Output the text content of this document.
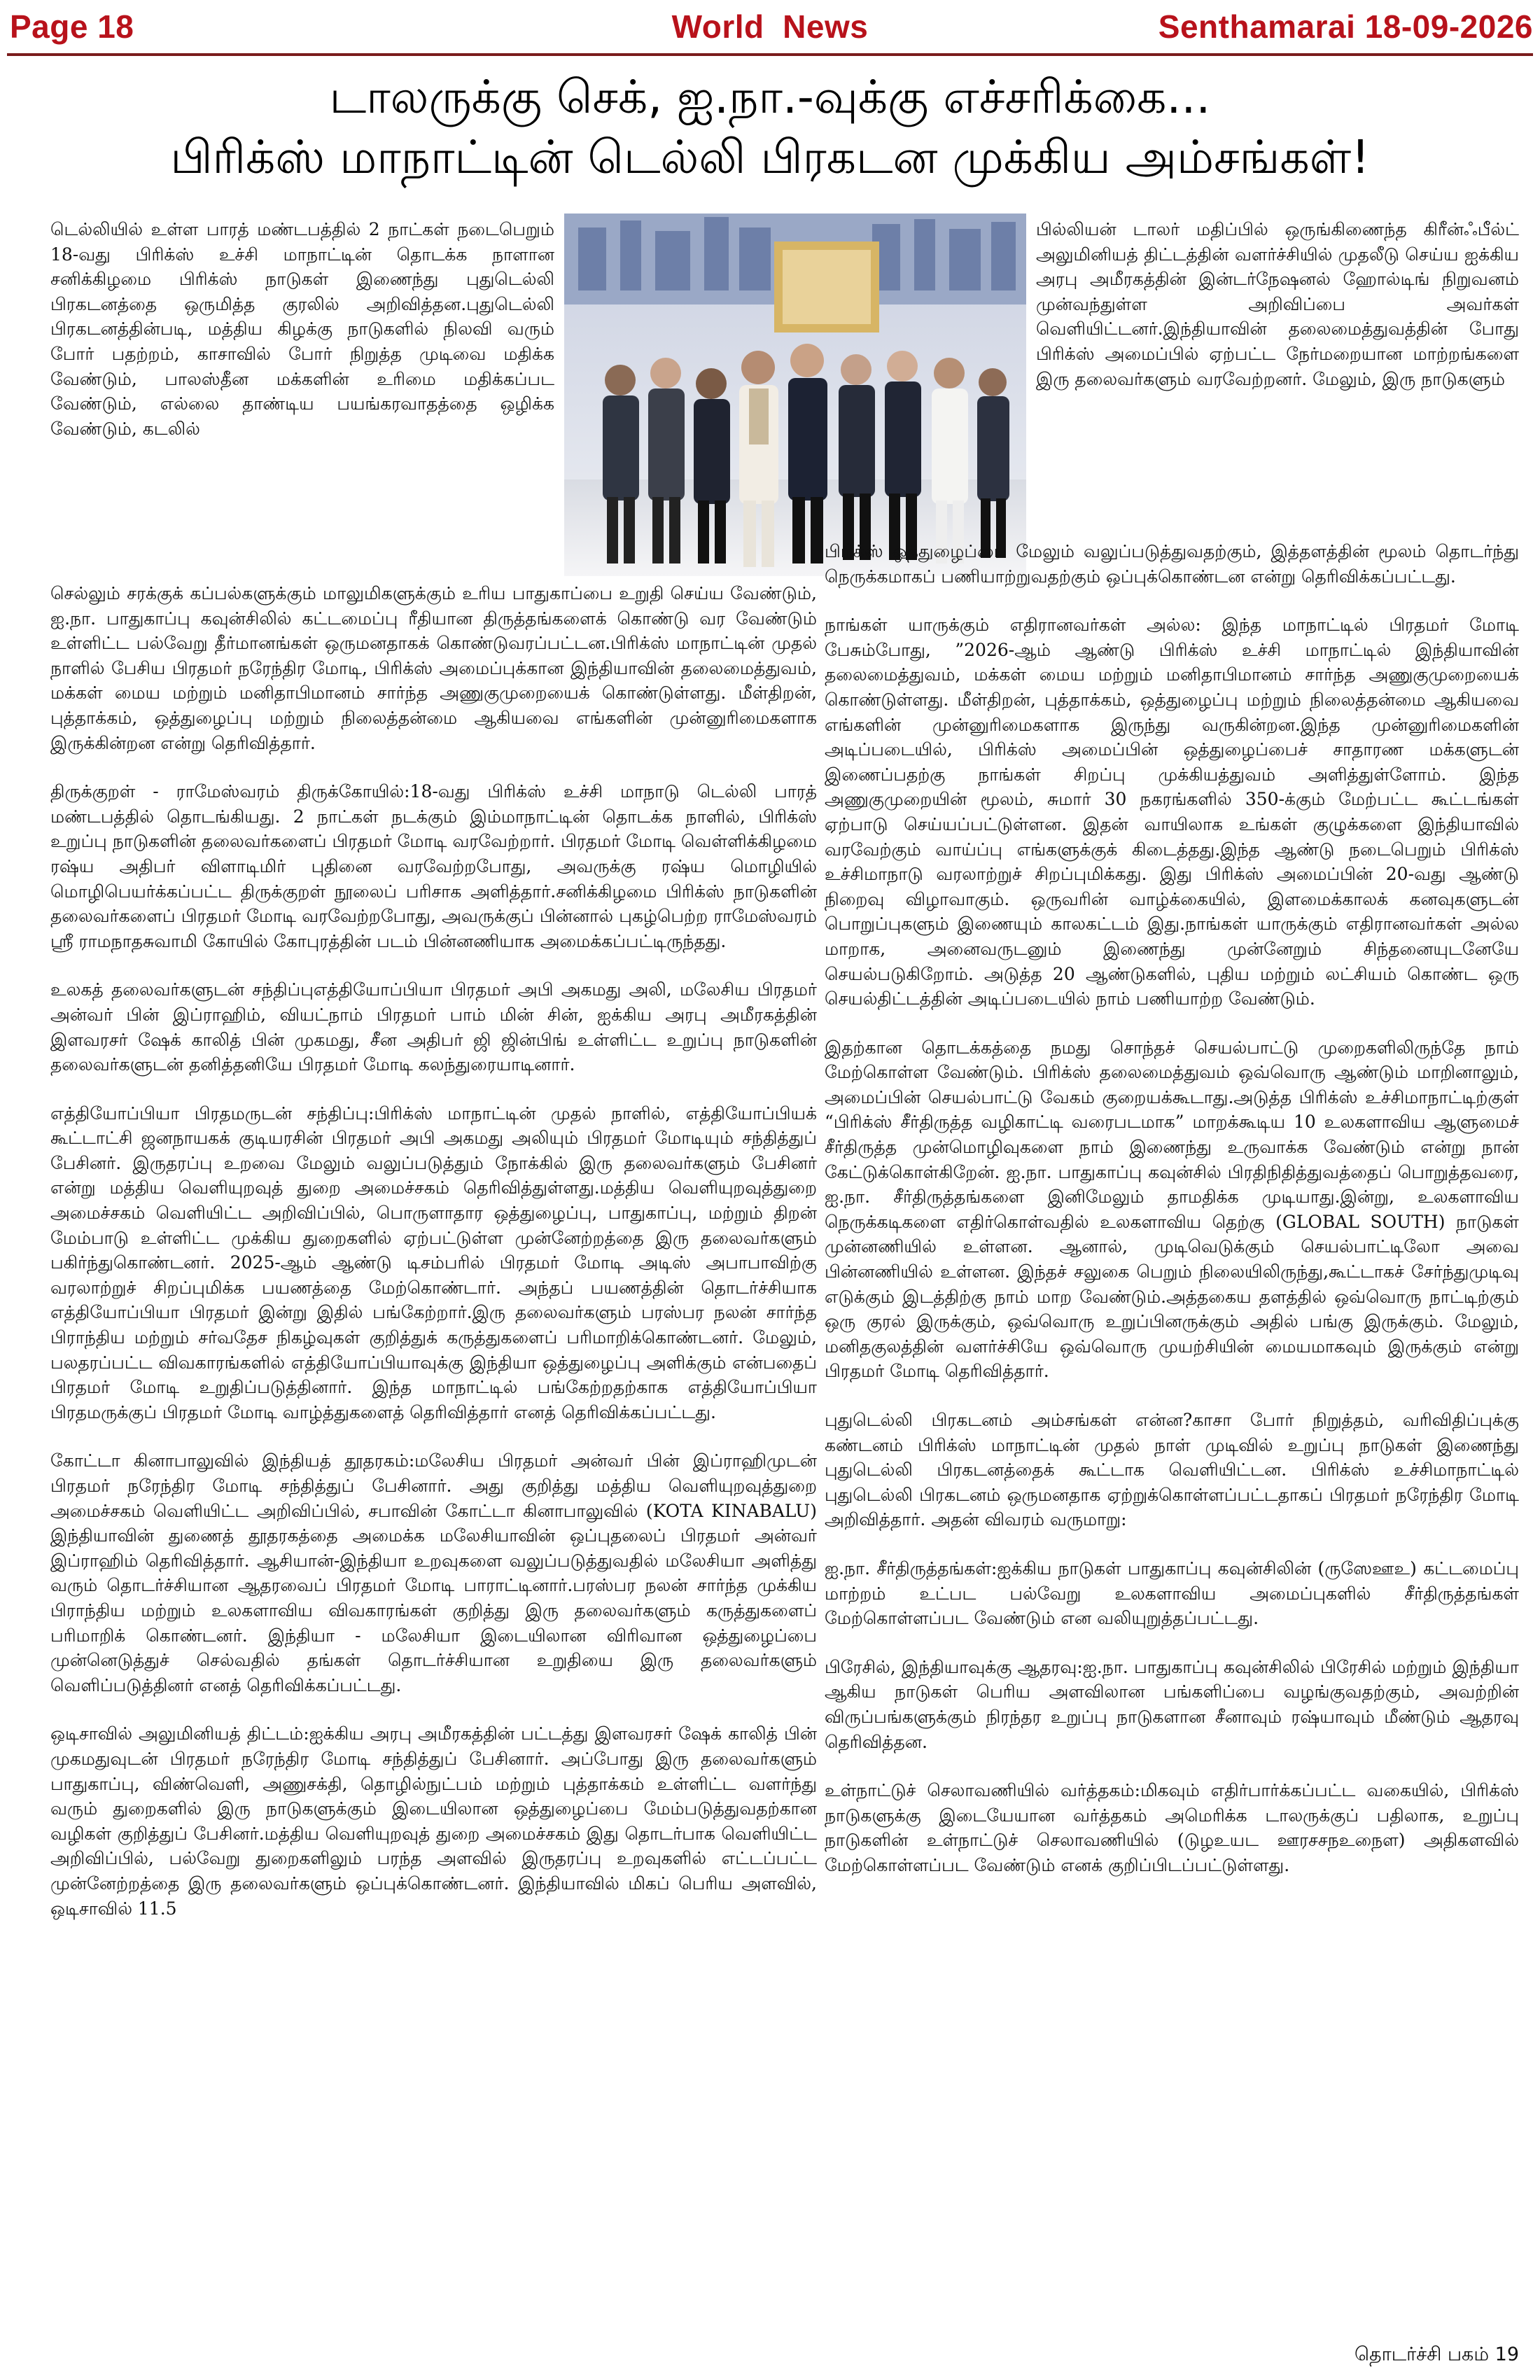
Page 18	World  News	Senthamarai 18-09-2026
டாலருக்கு செக், ஐ.நா.-வுக்கு எச்சரிக்கை...
பிரிக்ஸ் மாநாட்டின் டெல்லி பிரகடன முக்கிய அம்சங்கள்!

டெல்லியில் உள்ள பாரத் மண்டபத்தில் 2 நாட்கள் நடைபெறும் 18-வது பிரிக்ஸ் உச்சி மாநாட்டின் தொடக்க நாளான சனிக்கிழமை பிரிக்ஸ் நாடுகள் இணைந்து புதுடெல்லி பிரகடனத்தை ஒருமித்த குரலில் அறிவித்தன.புதுடெல்லி பிரகடனத்தின்படி, மத்திய கிழக்கு நாடுகளில் நிலவி வரும் போர் பதற்றம், காசாவில் போர் நிறுத்த முடிவை மதிக்க வேண்டும், பாலஸ்தீன மக்களின் உரிமை மதிக்கப்பட வேண்டும், எல்லை தாண்டிய பயங்கரவாதத்தை ஒழிக்க வேண்டும், கடலில்

பில்லியன் டாலர் மதிப்பில் ஒருங்கிணைந்த கிரீன்ஃபீல்ட் அலுமினியத் திட்டத்தின் வளர்ச்சியில் முதலீடு செய்ய ஐக்கிய அரபு அமீரகத்தின் இன்டர்நேஷனல் ஹோல்டிங் நிறுவனம் முன்வந்துள்ள அறிவிப்பை அவர்கள் வெளியிட்டனர்.இந்தியாவின் தலைமைத்துவத்தின் போது பிரிக்ஸ் அமைப்பில் ஏற்பட்ட நேர்மறையான மாற்றங்களை இரு தலைவர்களும் வரவேற்றனர். மேலும், இரு நாடுகளும்

செல்லும் சரக்குக் கப்பல்களுக்கும் மாலுமிகளுக்கும் உரிய பாதுகாப்பை உறுதி செய்ய வேண்டும், ஐ.நா. பாதுகாப்பு கவுன்சிலில் கட்டமைப்பு ரீதியான திருத்தங்களைக் கொண்டு வர வேண்டும் உள்ளிட்ட பல்வேறு தீர்மானங்கள் ஒருமனதாகக் கொண்டுவரப்பட்டன.பிரிக்ஸ் மாநாட்டின் முதல் நாளில் பேசிய பிரதமர் நரேந்திர மோடி, பிரிக்ஸ் அமைப்புக்கான இந்தியாவின் தலைமைத்துவம், மக்கள் மைய மற்றும் மனிதாபிமானம் சார்ந்த அணுகுமுறையைக் கொண்டுள்ளது. மீள்திறன், புத்தாக்கம், ஒத்துழைப்பு மற்றும் நிலைத்தன்மை ஆகியவை எங்களின் முன்னுரிமைகளாக இருக்கின்றன என்று தெரிவித்தார்.

திருக்குறள் - ராமேஸ்வரம் திருக்கோயில்:18-வது பிரிக்ஸ் உச்சி மாநாடு டெல்லி பாரத் மண்டபத்தில் தொடங்கியது. 2 நாட்கள் நடக்கும் இம்மாநாட்டின் தொடக்க நாளில், பிரிக்ஸ் உறுப்பு நாடுகளின் தலைவர்களைப் பிரதமர் மோடி வரவேற்றார். பிரதமர் மோடி வெள்ளிக்கிழமை ரஷ்ய அதிபர் விளாடிமிர் புதினை வரவேற்றபோது, அவருக்கு ரஷ்ய மொழியில் மொழிபெயர்க்கப்பட்ட திருக்குறள் நூலைப் பரிசாக அளித்தார்.சனிக்கிழமை பிரிக்ஸ் நாடுகளின் தலைவர்களைப் பிரதமர் மோடி வரவேற்றபோது, அவருக்குப் பின்னால் புகழ்பெற்ற ராமேஸ்வரம் ஸ்ரீ ராமநாதசுவாமி கோயில் கோபுரத்தின் படம் பின்னணியாக அமைக்கப்பட்டிருந்தது.

உலகத் தலைவர்களுடன் சந்திப்புஎத்தியோப்பியா பிரதமர் அபி அகமது அலி, மலேசிய பிரதமர் அன்வர் பின் இப்ராஹிம், வியட்நாம் பிரதமர் பாம் மின் சின், ஐக்கிய அரபு அமீரகத்தின் இளவரசர் ஷேக் காலித் பின் முகமது, சீன அதிபர் ஜி ஜின்பிங் உள்ளிட்ட உறுப்பு நாடுகளின் தலைவர்களுடன் தனித்தனியே பிரதமர் மோடி கலந்துரையாடினார்.

எத்தியோப்பியா பிரதமருடன் சந்திப்பு:பிரிக்ஸ் மாநாட்டின் முதல் நாளில், எத்தியோப்பியக் கூட்டாட்சி ஜனநாயகக் குடியரசின் பிரதமர் அபி அகமது அலியும் பிரதமர் மோடியும் சந்தித்துப் பேசினர். இருதரப்பு உறவை மேலும் வலுப்படுத்தும் நோக்கில் இரு தலைவர்களும் பேசினர் என்று மத்திய வெளியுறவுத் துறை அமைச்சகம் தெரிவித்துள்ளது.மத்திய வெளியுறவுத்துறை அமைச்சகம் வெளியிட்ட அறிவிப்பில், பொருளாதார ஒத்துழைப்பு, பாதுகாப்பு, மற்றும் திறன் மேம்பாடு உள்ளிட்ட முக்கிய துறைகளில் ஏற்பட்டுள்ள முன்னேற்றத்தை இரு தலைவர்களும் பகிர்ந்துகொண்டனர். 2025-ஆம் ஆண்டு டிசம்பரில் பிரதமர் மோடி அடிஸ் அபாபாவிற்கு வரலாற்றுச் சிறப்புமிக்க பயணத்தை மேற்கொண்டார். அந்தப் பயணத்தின் தொடர்ச்சியாக எத்தியோப்பியா பிரதமர் இன்று இதில் பங்கேற்றார்.இரு தலைவர்களும் பரஸ்பர நலன் சார்ந்த பிராந்திய மற்றும் சர்வதேச நிகழ்வுகள் குறித்துக் கருத்துகளைப் பரிமாறிக்கொண்டனர். மேலும், பலதரப்பட்ட விவகாரங்களில் எத்தியோப்பியாவுக்கு இந்தியா ஒத்துழைப்பு அளிக்கும் என்பதைப் பிரதமர் மோடி உறுதிப்படுத்தினார். இந்த மாநாட்டில் பங்கேற்றதற்காக எத்தியோப்பியா பிரதமருக்குப் பிரதமர் மோடி வாழ்த்துகளைத் தெரிவித்தார் எனத் தெரிவிக்கப்பட்டது.

கோட்டா கினாபாலுவில் இந்தியத் தூதரகம்:மலேசிய பிரதமர் அன்வர் பின் இப்ராஹிமுடன் பிரதமர் நரேந்திர மோடி சந்தித்துப் பேசினார். அது குறித்து மத்திய வெளியுறவுத்துறை அமைச்சகம் வெளியிட்ட அறிவிப்பில், சபாவின் கோட்டா கினாபாலுவில் (KOTA KINABALU) இந்தியாவின் துணைத் தூதரகத்தை அமைக்க மலேசியாவின் ஒப்புதலைப் பிரதமர் அன்வர் இப்ராஹிம் தெரிவித்தார். ஆசியான்-இந்தியா உறவுகளை வலுப்படுத்துவதில் மலேசியா அளித்து வரும் தொடர்ச்சியான ஆதரவைப் பிரதமர் மோடி பாராட்டினார்.பரஸ்பர நலன் சார்ந்த முக்கிய பிராந்திய மற்றும் உலகளாவிய விவகாரங்கள் குறித்து இரு தலைவர்களும் கருத்துகளைப் பரிமாறிக் கொண்டனர். இந்தியா - மலேசியா இடையிலான விரிவான ஒத்துழைப்பை முன்னெடுத்துச் செல்வதில் தங்கள் தொடர்ச்சியான உறுதியை இரு தலைவர்களும் வெளிப்படுத்தினர் எனத் தெரிவிக்கப்பட்டது.

ஒடிசாவில் அலுமினியத் திட்டம்:ஐக்கிய அரபு அமீரகத்தின் பட்டத்து இளவரசர் ஷேக் காலித் பின் முகமதுவுடன் பிரதமர் நரேந்திர மோடி சந்தித்துப் பேசினார். அப்போது இரு தலைவர்களும் பாதுகாப்பு, விண்வெளி, அணுசக்தி, தொழில்நுட்பம் மற்றும் புத்தாக்கம் உள்ளிட்ட வளர்ந்து வரும் துறைகளில் இரு நாடுகளுக்கும் இடையிலான ஒத்துழைப்பை மேம்படுத்துவதற்கான வழிகள் குறித்துப் பேசினர்.மத்திய வெளியுறவுத் துறை அமைச்சகம் இது தொடர்பாக வெளியிட்ட அறிவிப்பில், பல்வேறு துறைகளிலும் பரந்த அளவில் இருதரப்பு உறவுகளில் எட்டப்பட்ட முன்னேற்றத்தை இரு தலைவர்களும் ஒப்புக்கொண்டனர். இந்தியாவில் மிகப் பெரிய அளவில், ஒடிசாவில் 11.5

பிரிக்ஸ் ஒத்துழைப்பை மேலும் வலுப்படுத்துவதற்கும், இத்தளத்தின் மூலம் தொடர்ந்து நெருக்கமாகப் பணியாற்றுவதற்கும் ஒப்புக்கொண்டன என்று தெரிவிக்கப்பட்டது.

நாங்கள் யாருக்கும் எதிரானவர்கள் அல்ல: இந்த மாநாட்டில் பிரதமர் மோடி பேசும்போது, ”2026-ஆம் ஆண்டு பிரிக்ஸ் உச்சி மாநாட்டில் இந்தியாவின் தலைமைத்துவம், மக்கள் மைய மற்றும் மனிதாபிமானம் சார்ந்த அணுகுமுறையைக் கொண்டுள்ளது. மீள்திறன், புத்தாக்கம், ஒத்துழைப்பு மற்றும் நிலைத்தன்மை ஆகியவை எங்களின் முன்னுரிமைகளாக இருந்து வருகின்றன.இந்த முன்னுரிமைகளின் அடிப்படையில், பிரிக்ஸ் அமைப்பின் ஒத்துழைப்பைச் சாதாரண மக்களுடன் இணைப்பதற்கு நாங்கள் சிறப்பு முக்கியத்துவம் அளித்துள்ளோம். இந்த அணுகுமுறையின் மூலம், சுமார் 30 நகரங்களில் 350-க்கும் மேற்பட்ட கூட்டங்கள் ஏற்பாடு செய்யப்பட்டுள்ளன. இதன் வாயிலாக உங்கள் குழுக்களை இந்தியாவில் வரவேற்கும் வாய்ப்பு எங்களுக்குக் கிடைத்தது.இந்த ஆண்டு நடைபெறும் பிரிக்ஸ் உச்சிமாநாடு வரலாற்றுச் சிறப்புமிக்கது. இது பிரிக்ஸ் அமைப்பின் 20-வது ஆண்டு நிறைவு விழாவாகும். ஒருவரின் வாழ்க்கையில், இளமைக்காலக் கனவுகளுடன் பொறுப்புகளும் இணையும் காலகட்டம் இது.நாங்கள் யாருக்கும் எதிரானவர்கள் அல்ல மாறாக, அனைவருடனும் இணைந்து முன்னேறும் சிந்தனையுடனேயே செயல்படுகிறோம். அடுத்த 20 ஆண்டுகளில், புதிய மற்றும் லட்சியம் கொண்ட ஒரு செயல்திட்டத்தின் அடிப்படையில் நாம் பணியாற்ற வேண்டும்.

இதற்கான தொடக்கத்தை நமது சொந்தச் செயல்பாட்டு முறைகளிலிருந்தே நாம் மேற்கொள்ள வேண்டும். பிரிக்ஸ் தலைமைத்துவம் ஒவ்வொரு ஆண்டும் மாறினாலும், அமைப்பின் செயல்பாட்டு வேகம் குறையக்கூடாது.அடுத்த பிரிக்ஸ் உச்சிமாநாட்டிற்குள் “பிரிக்ஸ் சீர்திருத்த வழிகாட்டி வரைபடமாக” மாறக்கூடிய 10 உலகளாவிய ஆளுமைச் சீர்திருத்த முன்மொழிவுகளை நாம் இணைந்து உருவாக்க வேண்டும் என்று நான் கேட்டுக்கொள்கிறேன். ஐ.நா. பாதுகாப்பு கவுன்சில் பிரதிநிதித்துவத்தைப் பொறுத்தவரை, ஐ.நா. சீர்திருத்தங்களை இனிமேலும் தாமதிக்க முடியாது.இன்று, உலகளாவிய நெருக்கடிகளை எதிர்கொள்வதில் உலகளாவிய தெற்கு (GLOBAL SOUTH) நாடுகள் முன்னணியில் உள்ளன. ஆனால், முடிவெடுக்கும் செயல்பாட்டிலோ அவை பின்னணியில் உள்ளன. இந்தச் சலுகை பெறும் நிலையிலிருந்து,கூட்டாகச் சேர்ந்துமுடிவு எடுக்கும் இடத்திற்கு நாம் மாற வேண்டும்.அத்தகைய தளத்தில் ஒவ்வொரு நாட்டிற்கும் ஒரு குரல் இருக்கும், ஒவ்வொரு உறுப்பினருக்கும் அதில் பங்கு இருக்கும். மேலும், மனிதகுலத்தின் வளர்ச்சியே ஒவ்வொரு முயற்சியின் மையமாகவும் இருக்கும் என்று பிரதமர் மோடி தெரிவித்தார்.

புதுடெல்லி பிரகடனம் அம்சங்கள் என்ன?காசா போர் நிறுத்தம், வரிவிதிப்புக்கு கண்டனம் பிரிக்ஸ் மாநாட்டின் முதல் நாள் முடிவில் உறுப்பு நாடுகள் இணைந்து புதுடெல்லி பிரகடனத்தைக் கூட்டாக வெளியிட்டன. பிரிக்ஸ் உச்சிமாநாட்டில் புதுடெல்லி பிரகடனம் ஒருமனதாக ஏற்றுக்கொள்ளப்பட்டதாகப் பிரதமர் நரேந்திர மோடி அறிவித்தார். அதன் விவரம் வருமாறு:

ஐ.நா. சீர்திருத்தங்கள்:ஐக்கிய நாடுகள் பாதுகாப்பு கவுன்சிலின் (ருஸேஊஉ) கட்டமைப்பு மாற்றம் உட்பட பல்வேறு உலகளாவிய அமைப்புகளில் சீர்திருத்தங்கள் மேற்கொள்ளப்பட வேண்டும் என வலியுறுத்தப்பட்டது.

பிரேசில், இந்தியாவுக்கு ஆதரவு:ஐ.நா. பாதுகாப்பு கவுன்சிலில் பிரேசில் மற்றும் இந்தியா ஆகிய நாடுகள் பெரிய அளவிலான பங்களிப்பை வழங்குவதற்கும், அவற்றின் விருப்பங்களுக்கும் நிரந்தர உறுப்பு நாடுகளான சீனாவும் ரஷ்யாவும் மீண்டும் ஆதரவு தெரிவித்தன.

உள்நாட்டுச் செலாவணியில் வர்த்தகம்:மிகவும் எதிர்பார்க்கப்பட்ட வகையில், பிரிக்ஸ் நாடுகளுக்கு இடையேயான வர்த்தகம் அமெரிக்க டாலருக்குப் பதிலாக, உறுப்பு நாடுகளின் உள்நாட்டுச் செலாவணியில் (டுழஉயட ஊரசசநஉநைள) அதிகளவில் மேற்கொள்ளப்பட வேண்டும் எனக் குறிப்பிடப்பட்டுள்ளது.

தொடர்ச்சி பகம் 19
